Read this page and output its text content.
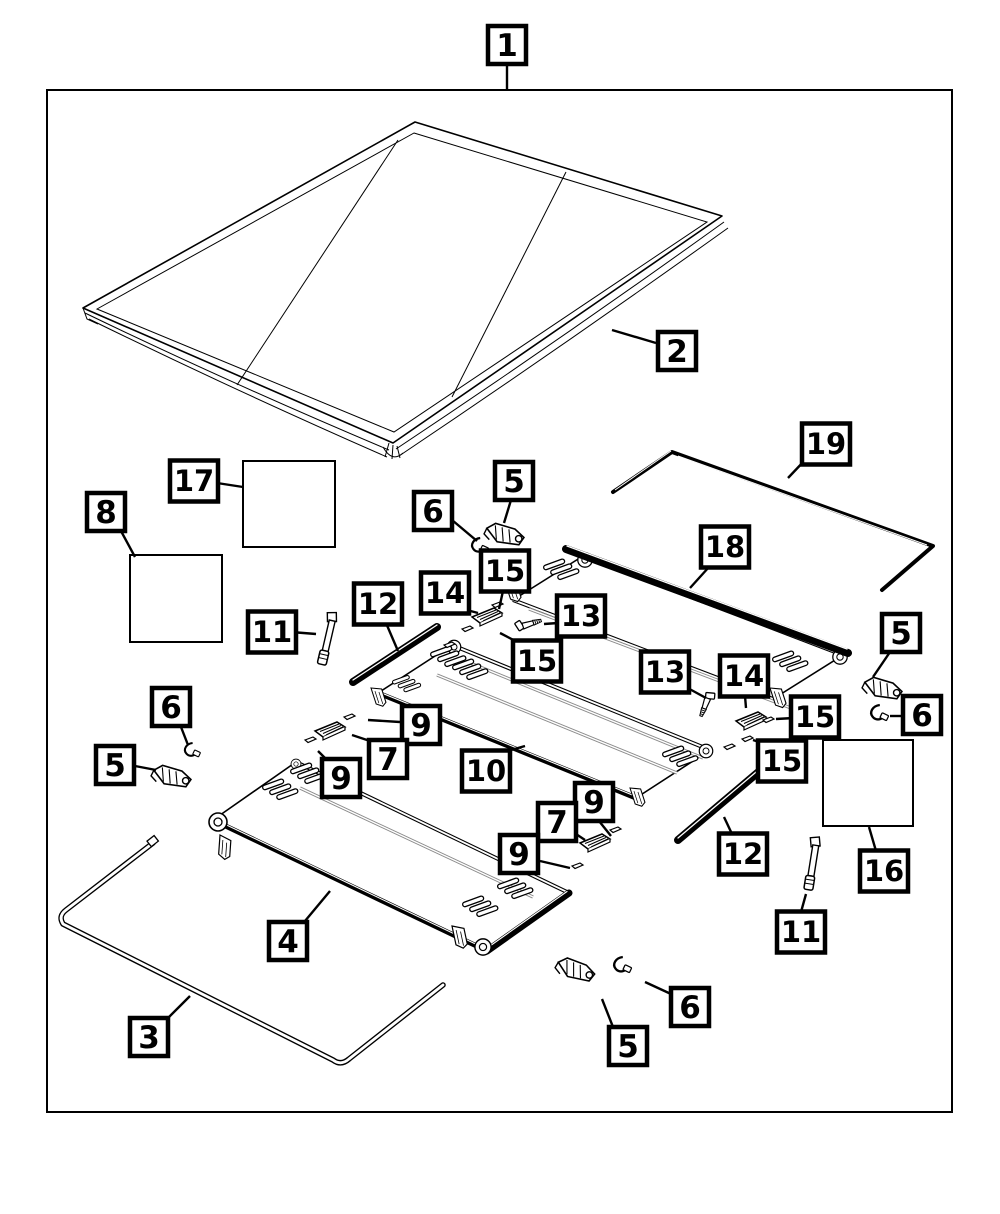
1
2
17
8
5
6
15
14
13
15
11
12
19
18
6
5
13 14
15
5
6
15
16
12
11
9
7
9	10
9
7
9
4
3	5
6
